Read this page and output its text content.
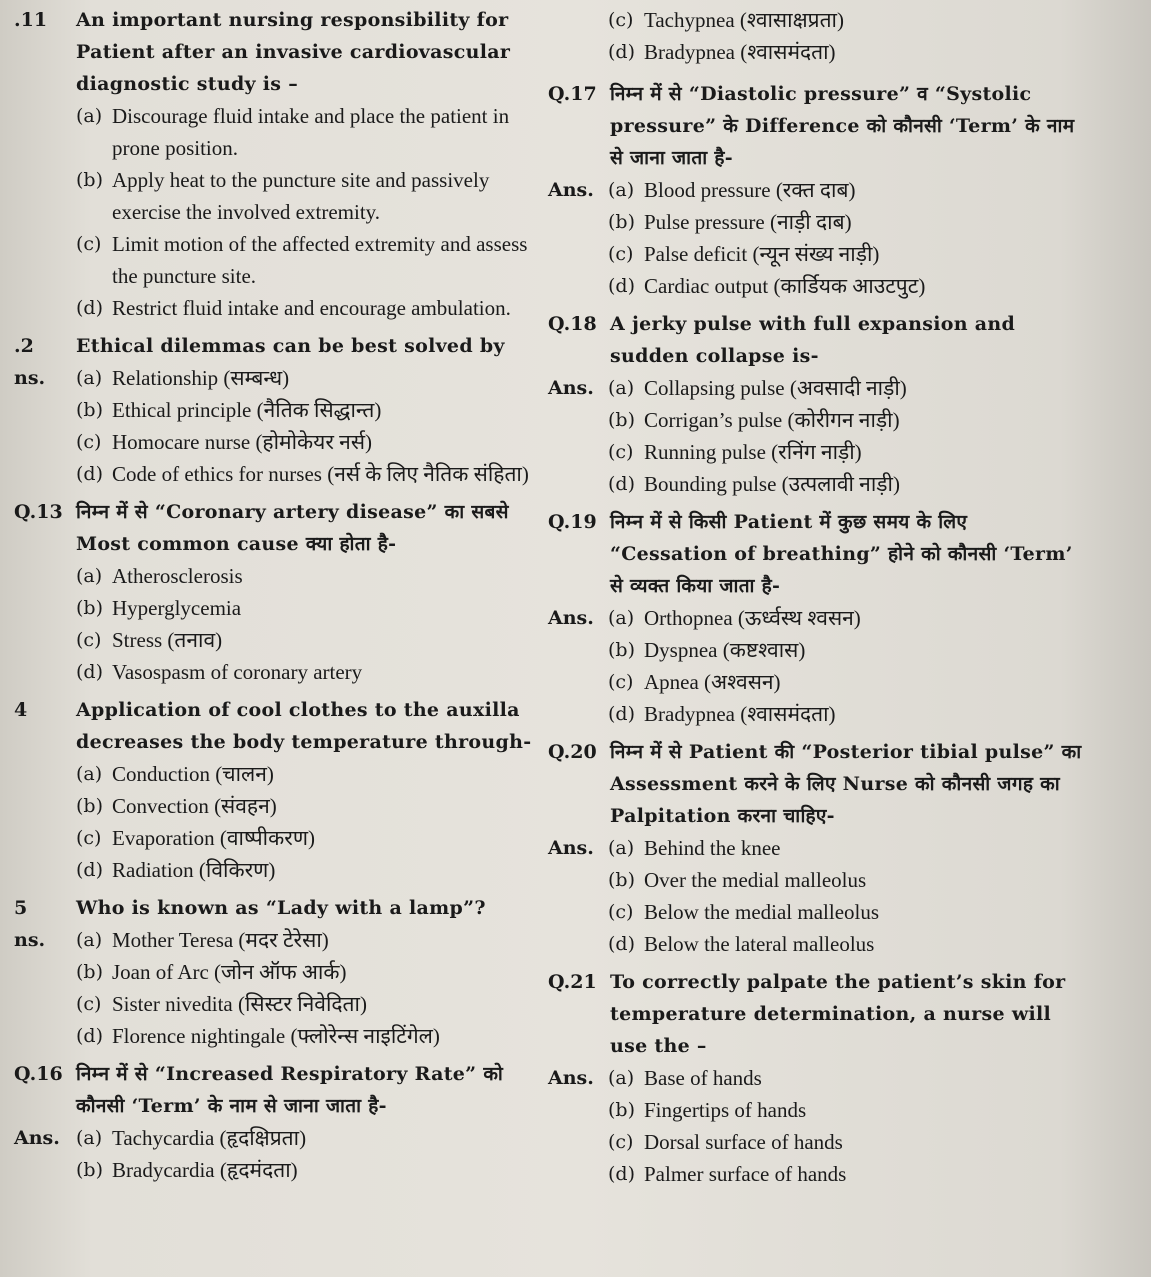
.11	An important nursing responsibility for Patient after an invasive cardiovascular diagnostic study is –
(a) Discourage fluid intake and place the patient in prone position.
(b) Apply heat to the puncture site and passively exercise the involved extremity.
(c) Limit motion of the affected extremity and assess the puncture site.
(d) Restrict fluid intake and encourage ambulation.
.2	Ethical dilemmas can be best solved by
ns.	(a) Relationship (सम्बन्ध)
(b) Ethical principle (नैतिक सिद्धान्त)
(c) Homocare nurse (होमोकेयर नर्स)
(d) Code of ethics for nurses (नर्स के लिए नैतिक संहिता)
Q.13 निम्न में से “Coronary artery disease” का सबसे Most common cause क्या होता है-
(a) Atherosclerosis
(b) Hyperglycemia
(c) Stress (तनाव)
(d) Vasospasm of coronary artery
4	Application of cool clothes to the auxilla decreases the body temperature through-
(a) Conduction (चालन)
(b) Convection (संवहन)
(c) Evaporation (वाष्पीकरण)
(d) Radiation (विकिरण)
5	Who is known as “Lady with a lamp”?
ns.	(a) Mother Teresa (मदर टेरेसा)
(b) Joan of Arc (जोन ऑफ आर्क)
(c) Sister nivedita (सिस्टर निवेदिता)
(d) Florence nightingale (फ्लोरेन्स नाइटिंगेल)
Q.16 निम्न में से “Increased Respiratory Rate” को कौनसी ‘Term’ के नाम से जाना जाता है-
Ans. (a) Tachycardia (हृदक्षिप्रता)
(b) Bradycardia (हृदमंदता)
(c) Tachypnea (श्वासाक्षप्रता)
(d) Bradypnea (श्वासमंदता)
Q.17 निम्न में से “Diastolic pressure” व “Systolic pressure” के Difference को कौनसी ‘Term’ के नाम से जाना जाता है-
Ans. (a) Blood pressure (रक्त दाब)
(b) Pulse pressure (नाड़ी दाब)
(c) Palse deficit (न्यून संख्य नाड़ी)
(d) Cardiac output (कार्डियक आउटपुट)
Q.18 A jerky pulse with full expansion and sudden collapse is-
Ans. (a) Collapsing pulse (अवसादी नाड़ी)
(b) Corrigan’s pulse (कोरीगन नाड़ी)
(c) Running pulse (रनिंग नाड़ी)
(d) Bounding pulse (उत्पलावी नाड़ी)
Q.19 निम्न में से किसी Patient में कुछ समय के लिए “Cessation of breathing” होने को कौनसी ‘Term’ से व्यक्त किया जाता है-
Ans. (a) Orthopnea (ऊर्ध्वस्थ श्वसन)
(b) Dyspnea (कष्टश्वास)
(c) Apnea (अश्वसन)
(d) Bradypnea (श्वासमंदता)
Q.20 निम्न में से Patient की “Posterior tibial pulse” का Assessment करने के लिए Nurse को कौनसी जगह का Palpitation करना चाहिए-
Ans. (a) Behind the knee
(b) Over the medial malleolus
(c) Below the medial malleolus
(d) Below the lateral malleolus
Q.21 To correctly palpate the patient’s skin for temperature determination, a nurse will use the –
Ans. (a) Base of hands
(b) Fingertips of hands
(c) Dorsal surface of hands
(d) Palmer surface of hands
